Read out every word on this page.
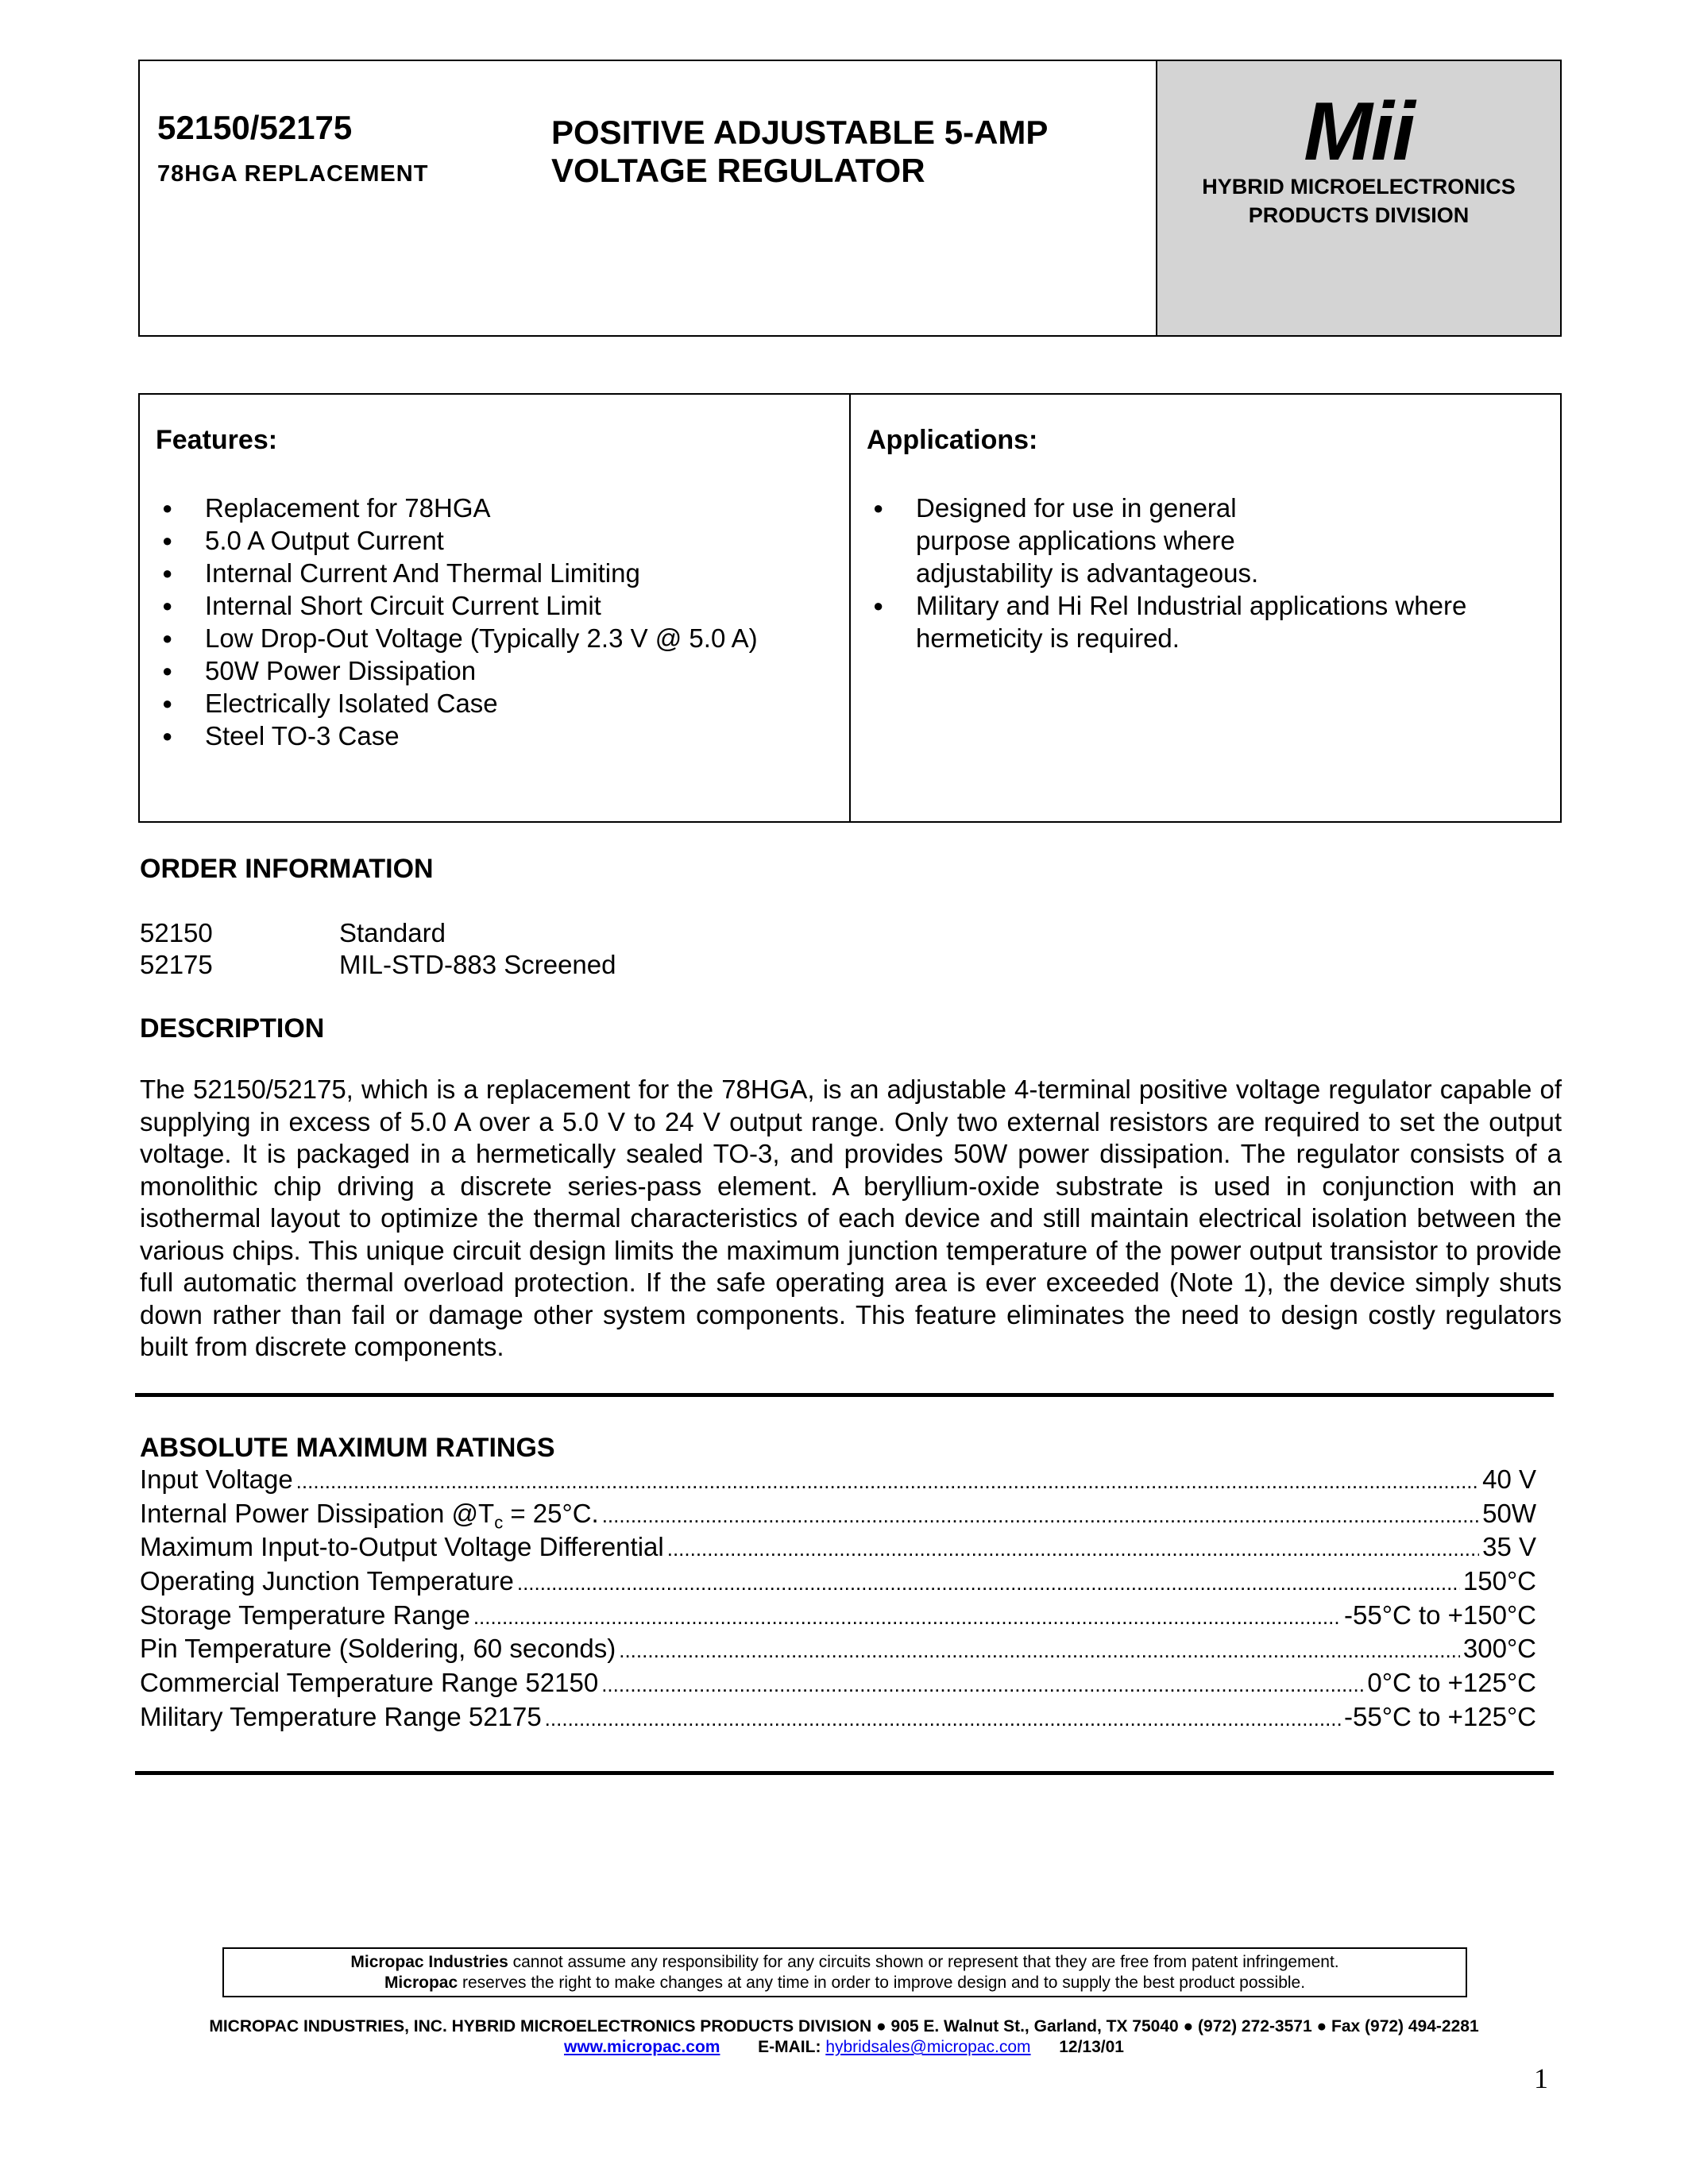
52150/52175
78HGA REPLACEMENT
POSITIVE ADJUSTABLE 5-AMP
VOLTAGE REGULATOR	Mii
HYBRID MICROELECTRONICS
PRODUCTS DIVISION
Features:
● Replacement for 78HGA
● 5.0 A Output Current
● Internal Current And Thermal Limiting
● Internal Short Circuit Current Limit
● Low Drop-Out Voltage (Typically 2.3 V @ 5.0 A)
● 50W Power Dissipation
● Electrically Isolated Case
● Steel TO-3 Case
Applications:
● Designed for use in general purpose applications where adjustability is advantageous.
● Military and Hi Rel Industrial applications where hermeticity is required.
ORDER INFORMATION
52150	Standard
52175	MIL-STD-883 Screened
DESCRIPTION
The 52150/52175, which is a replacement for the 78HGA, is an adjustable 4-terminal positive voltage regulator capable of supplying in excess of 5.0 A over a 5.0 V to 24 V output range. Only two external resistors are required to set the output voltage. It is packaged in a hermetically sealed TO-3, and provides 50W power dissipation. The regulator consists of a monolithic chip driving a discrete series-pass element. A beryllium-oxide substrate is used in conjunction with an isothermal layout to optimize the thermal characteristics of each device and still maintain electrical isolation between the various chips. This unique circuit design limits the maximum junction temperature of the power output transistor to provide full automatic thermal overload protection. If the safe operating area is ever exceeded (Note 1), the device simply shuts down rather than fail or damage other system components. This feature eliminates the need to design costly regulators built from discrete components.
ABSOLUTE MAXIMUM RATINGS
Input Voltage .....	40 V
Internal Power Dissipation $@T_c = 25^\circ C$. .....	50W
Maximum Input-to-Output Voltage Differential .....	35 V
Operating Junction Temperature .....	150°C
Storage Temperature Range .....	-55°C to +150°C
Pin Temperature (Soldering, 60 seconds) .....	300°C
Commercial Temperature Range 52150 .....	0°C to +125°C
Military Temperature Range 52175 .....	-55°C to +125°C
Micropac Industries cannot assume any responsibility for any circuits shown or represent that they are free from patent infringement.
Micropac reserves the right to make changes at any time in order to improve design and to supply the best product possible.
MICROPAC INDUSTRIES, INC. HYBRID MICROELECTRONICS PRODUCTS DIVISION ● 905 E. Walnut St., Garland, TX 75040 ● (972) 272-3571 ● Fax (972) 494-2281
www.micropac.com E-MAIL: hybridsales@micropac.com 12/13/01
1
